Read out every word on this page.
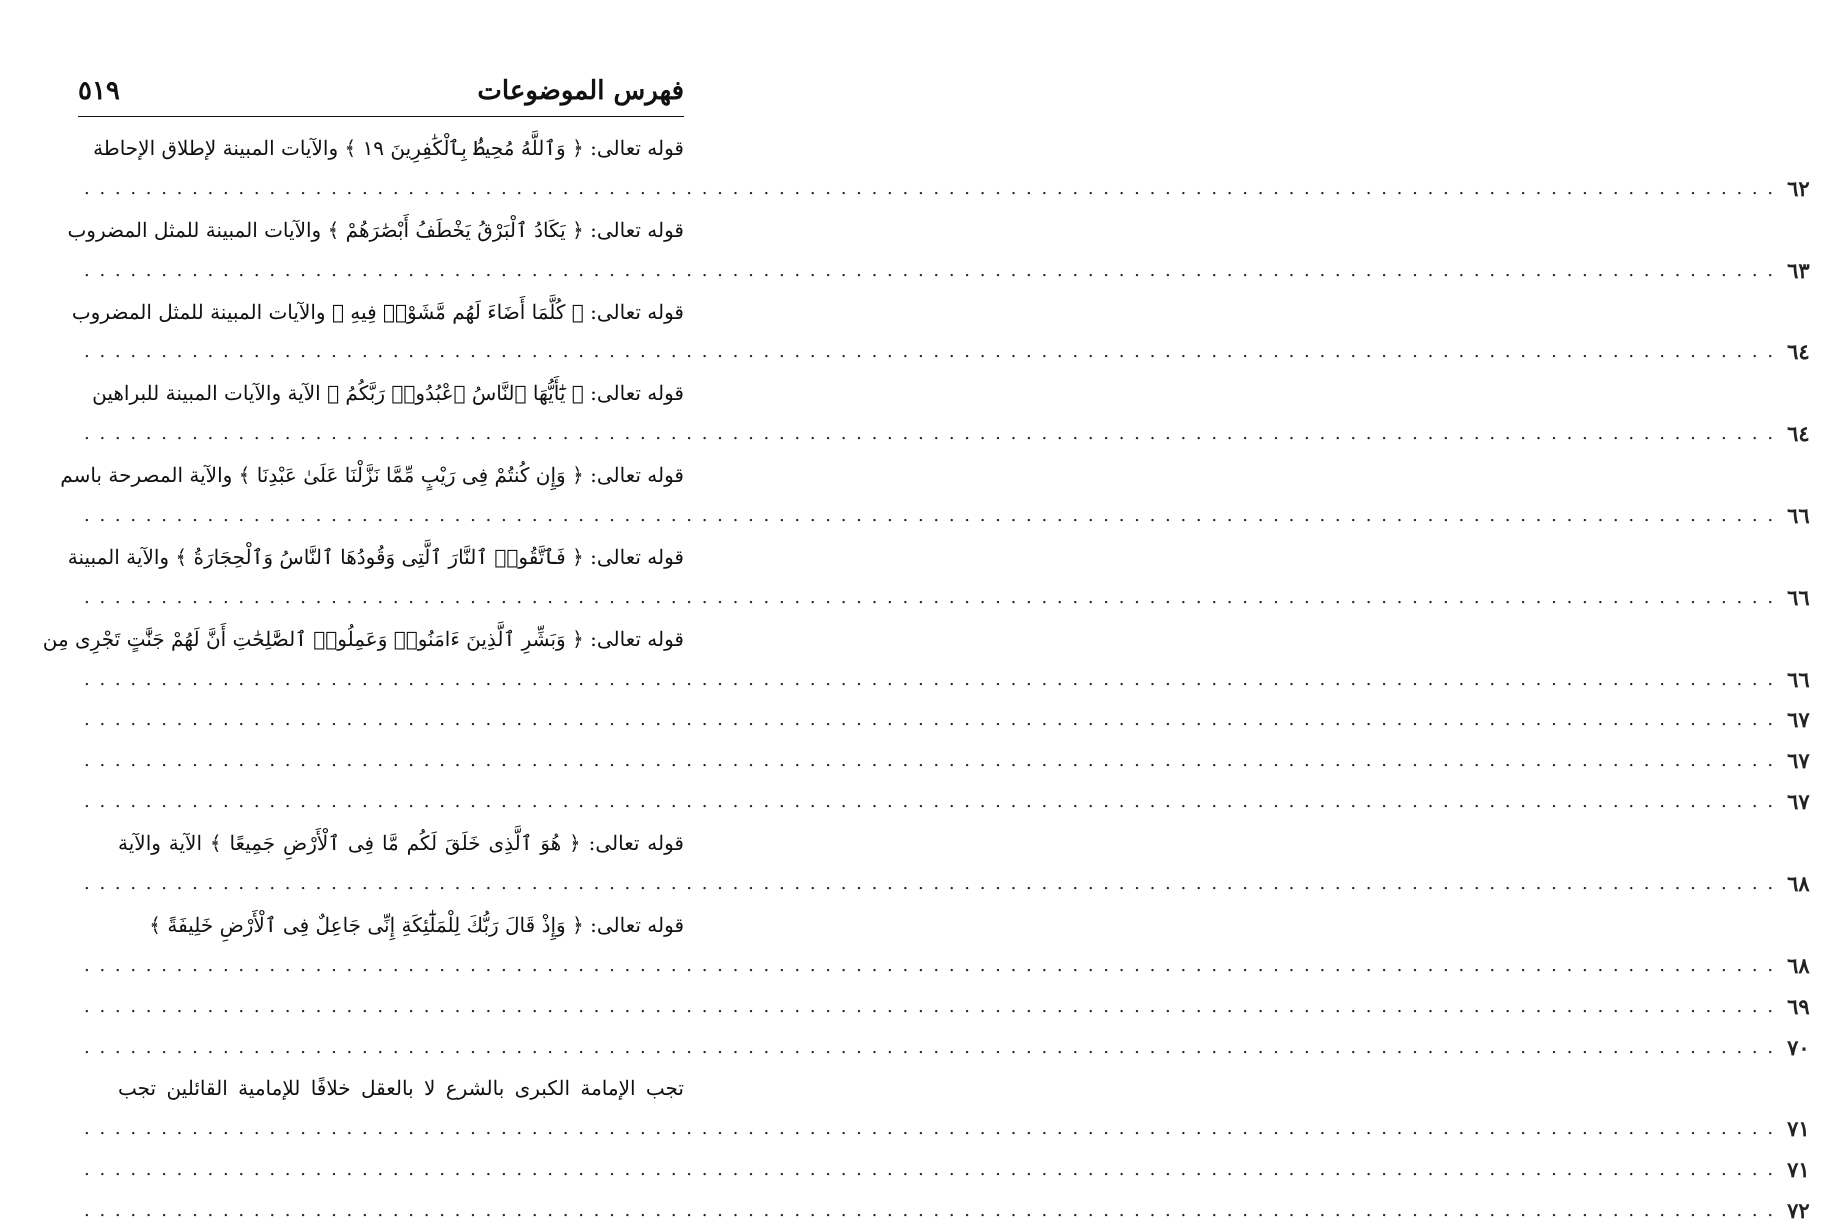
٥١٩	فهرس الموضوعات
قوله تعالى: ﴿ وَٱللَّهُ مُحِيطُۢ بِٱلْكَٰفِرِينَ ١٩ ﴾ والآيات المبينة لإطلاق الإحاطة
. . . ٦٢
قوله تعالى: ﴿ يَكَادُ ٱلْبَرْقُ يَخْطَفُ أَبْصَٰرَهُمْ ﴾ والآيات المبينة للمثل المضروب
. . . ٦٣
قوله تعالى: ﴿ كُلَّمَا أَضَاءَ لَهُم مَّشَوْا۟ فِيهِ ﴾ والآيات المبينة للمثل المضروب
. . . ٦٤
قوله تعالى: ﴿ يَٰٓأَيُّهَا ٱلنَّاسُ ٱعْبُدُوا۟ رَبَّكُمُ ﴾ الآية والآيات المبينة للبراهين
. . . ٦٤
قوله تعالى: ﴿ وَإِن كُنتُمْ فِى رَيْبٍ مِّمَّا نَزَّلْنَا عَلَىٰ عَبْدِنَا ﴾ والآية المصرحة باسم
. . . ٦٦
قوله تعالى: ﴿ فَٱتَّقُوا۟ ٱلنَّارَ ٱلَّتِى وَقُودُهَا ٱلنَّاسُ وَٱلْحِجَارَةُ ﴾ والآية المبينة
. . . ٦٦
قوله تعالى: ﴿ وَبَشِّرِ ٱلَّذِينَ ءَامَنُوا۟ وَعَمِلُوا۟ ٱلصَّٰلِحَٰتِ أَنَّ لَهُمْ جَنَّٰتٍ تَجْرِى مِن
. . . ٦٦
. . . ٦٧
. . . ٦٧
. . . ٦٧
قوله تعالى: ﴿ هُوَ ٱلَّذِى خَلَقَ لَكُم مَّا فِى ٱلْأَرْضِ جَمِيعًا ﴾ الآية والآية
. . . ٦٨
قوله تعالى: ﴿ وَإِذْ قَالَ رَبُّكَ لِلْمَلَٰٓئِكَةِ إِنِّى جَاعِلٌ فِى ٱلْأَرْضِ خَلِيفَةً ﴾
. . . ٦٨
. . . ٦٩
. . . ٧٠
تجب الإمامة الكبرى بالشرع لا بالعقل خلافًا للإمامية القائلين تجب
. . . ٧١
. . . ٧١
. . . ٧٢
